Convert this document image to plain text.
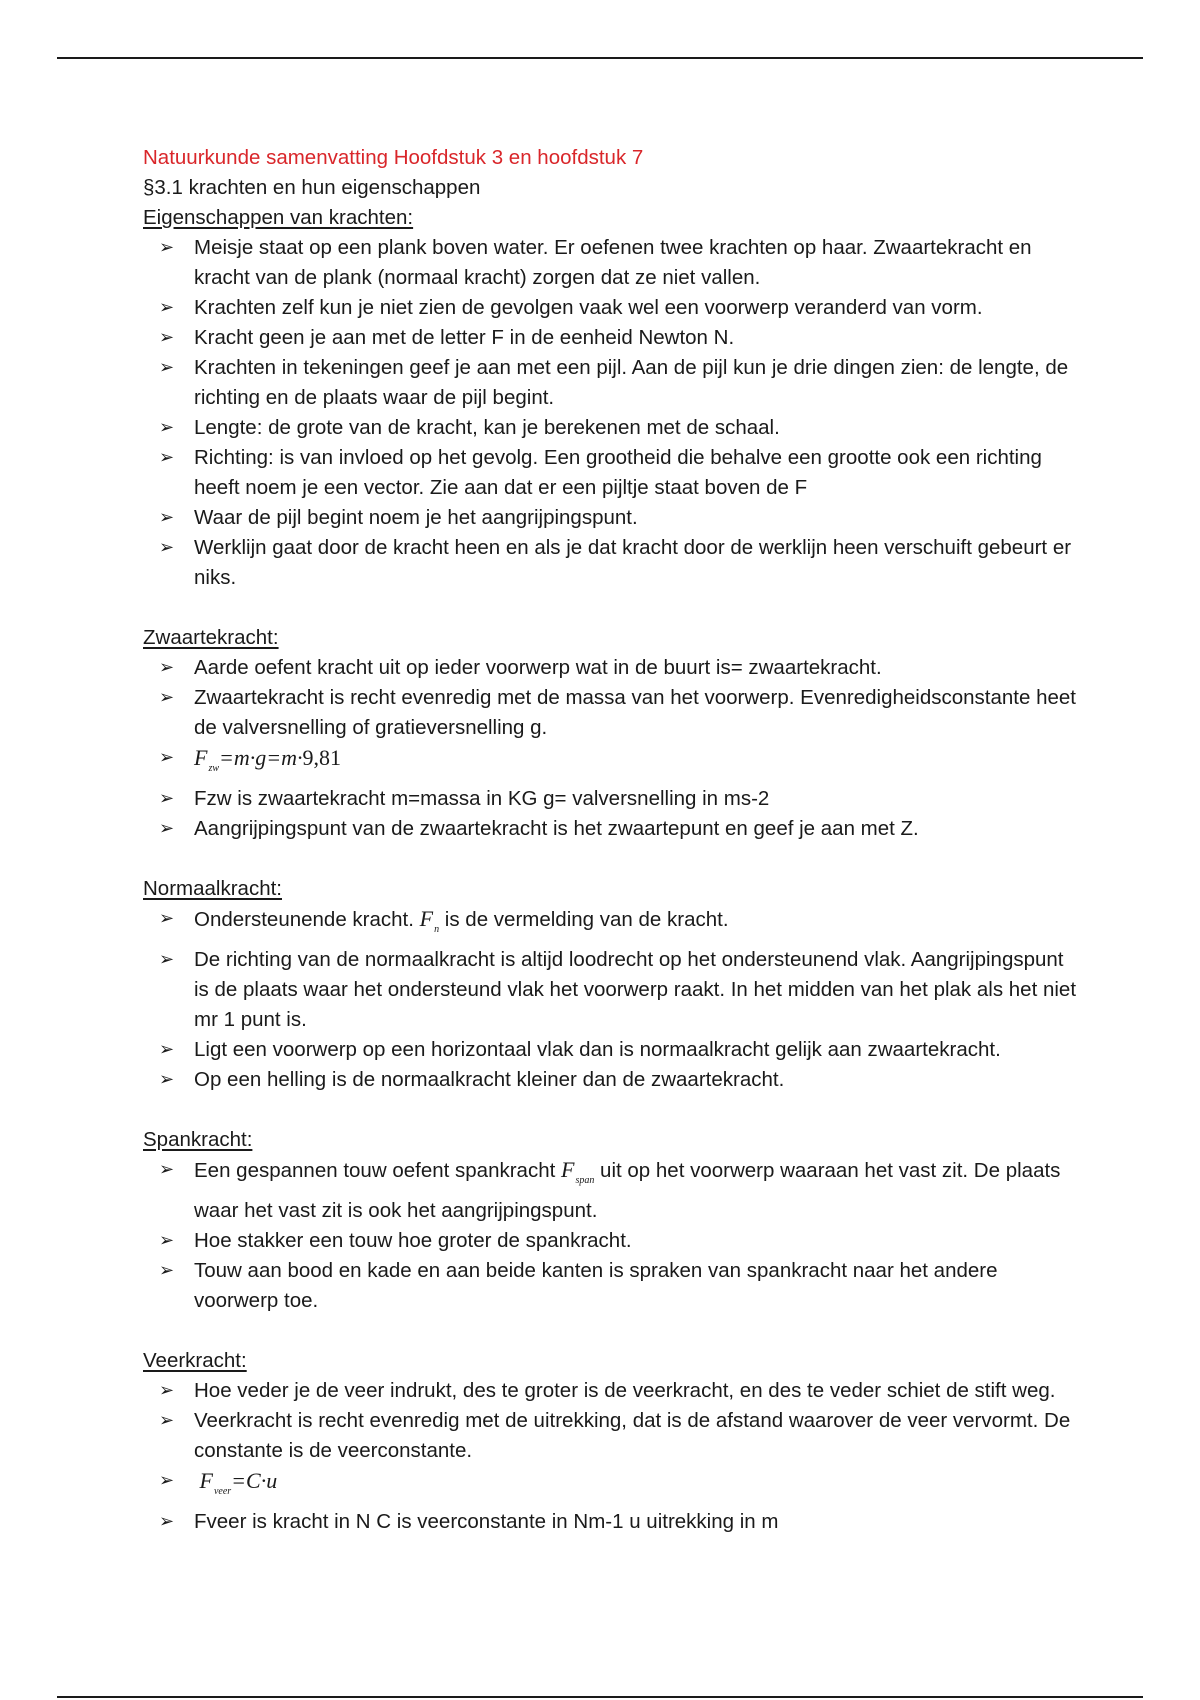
Natuurkunde samenvatting Hoofdstuk 3 en hoofdstuk 7
§3.1 krachten en hun eigenschappen
Eigenschappen van krachten:
➢ Meisje staat op een plank boven water. Er oefenen twee krachten op haar. Zwaartekracht en kracht van de plank (normaal kracht) zorgen dat ze niet vallen.
➢ Krachten zelf kun je niet zien de gevolgen vaak wel een voorwerp veranderd van vorm.
➢ Kracht geen je aan met de letter F in de eenheid Newton N.
➢ Krachten in tekeningen geef je aan met een pijl. Aan de pijl kun je drie dingen zien: de lengte, de richting en de plaats waar de pijl begint.
➢ Lengte: de grote van de kracht, kan je berekenen met de schaal.
➢ Richting: is van invloed op het gevolg. Een grootheid die behalve een grootte ook een richting heeft noem je een vector. Zie aan dat er een pijltje staat boven de F
➢ Waar de pijl begint noem je het aangrijpingspunt.
➢ Werklijn gaat door de kracht heen en als je dat kracht door de werklijn heen verschuift gebeurt er niks.
Zwaartekracht:
➢ Aarde oefent kracht uit op ieder voorwerp wat in de buurt is= zwaartekracht.
➢ Zwaartekracht is recht evenredig met de massa van het voorwerp. Evenredigheidsconstante heet de valversnelling of gratieversnelling g.
➢ $F_{zw}=m\cdot g=m\cdot 9,81$
➢ Fzw is zwaartekracht m=massa in KG g= valversnelling in ms-2
➢ Aangrijpingspunt van de zwaartekracht is het zwaartepunt en geef je aan met Z.
Normaalkracht:
➢ Ondersteunende kracht. $F_n$ is de vermelding van de kracht.
➢ De richting van de normaalkracht is altijd loodrecht op het ondersteunend vlak. Aangrijpingspunt is de plaats waar het ondersteund vlak het voorwerp raakt. In het midden van het plak als het niet mr 1 punt is.
➢ Ligt een voorwerp op een horizontaal vlak dan is normaalkracht gelijk aan zwaartekracht.
➢ Op een helling is de normaalkracht kleiner dan de zwaartekracht.
Spankracht:
➢ Een gespannen touw oefent spankracht $F_{span}$ uit op het voorwerp waaraan het vast zit. De plaats waar het vast zit is ook het aangrijpingspunt.
➢ Hoe stakker een touw hoe groter de spankracht.
➢ Touw aan bood en kade en aan beide kanten is spraken van spankracht naar het andere voorwerp toe.
Veerkracht:
➢ Hoe veder je de veer indrukt, des te groter is de veerkracht, en des te veder schiet de stift weg.
➢ Veerkracht is recht evenredig met de uitrekking, dat is de afstand waarover de veer vervormt. De constante is de veerconstante.
➢ $F_{veer}=C\cdot u$
➢ Fveer is kracht in N C is veerconstante in Nm-1 u uitrekking in m
